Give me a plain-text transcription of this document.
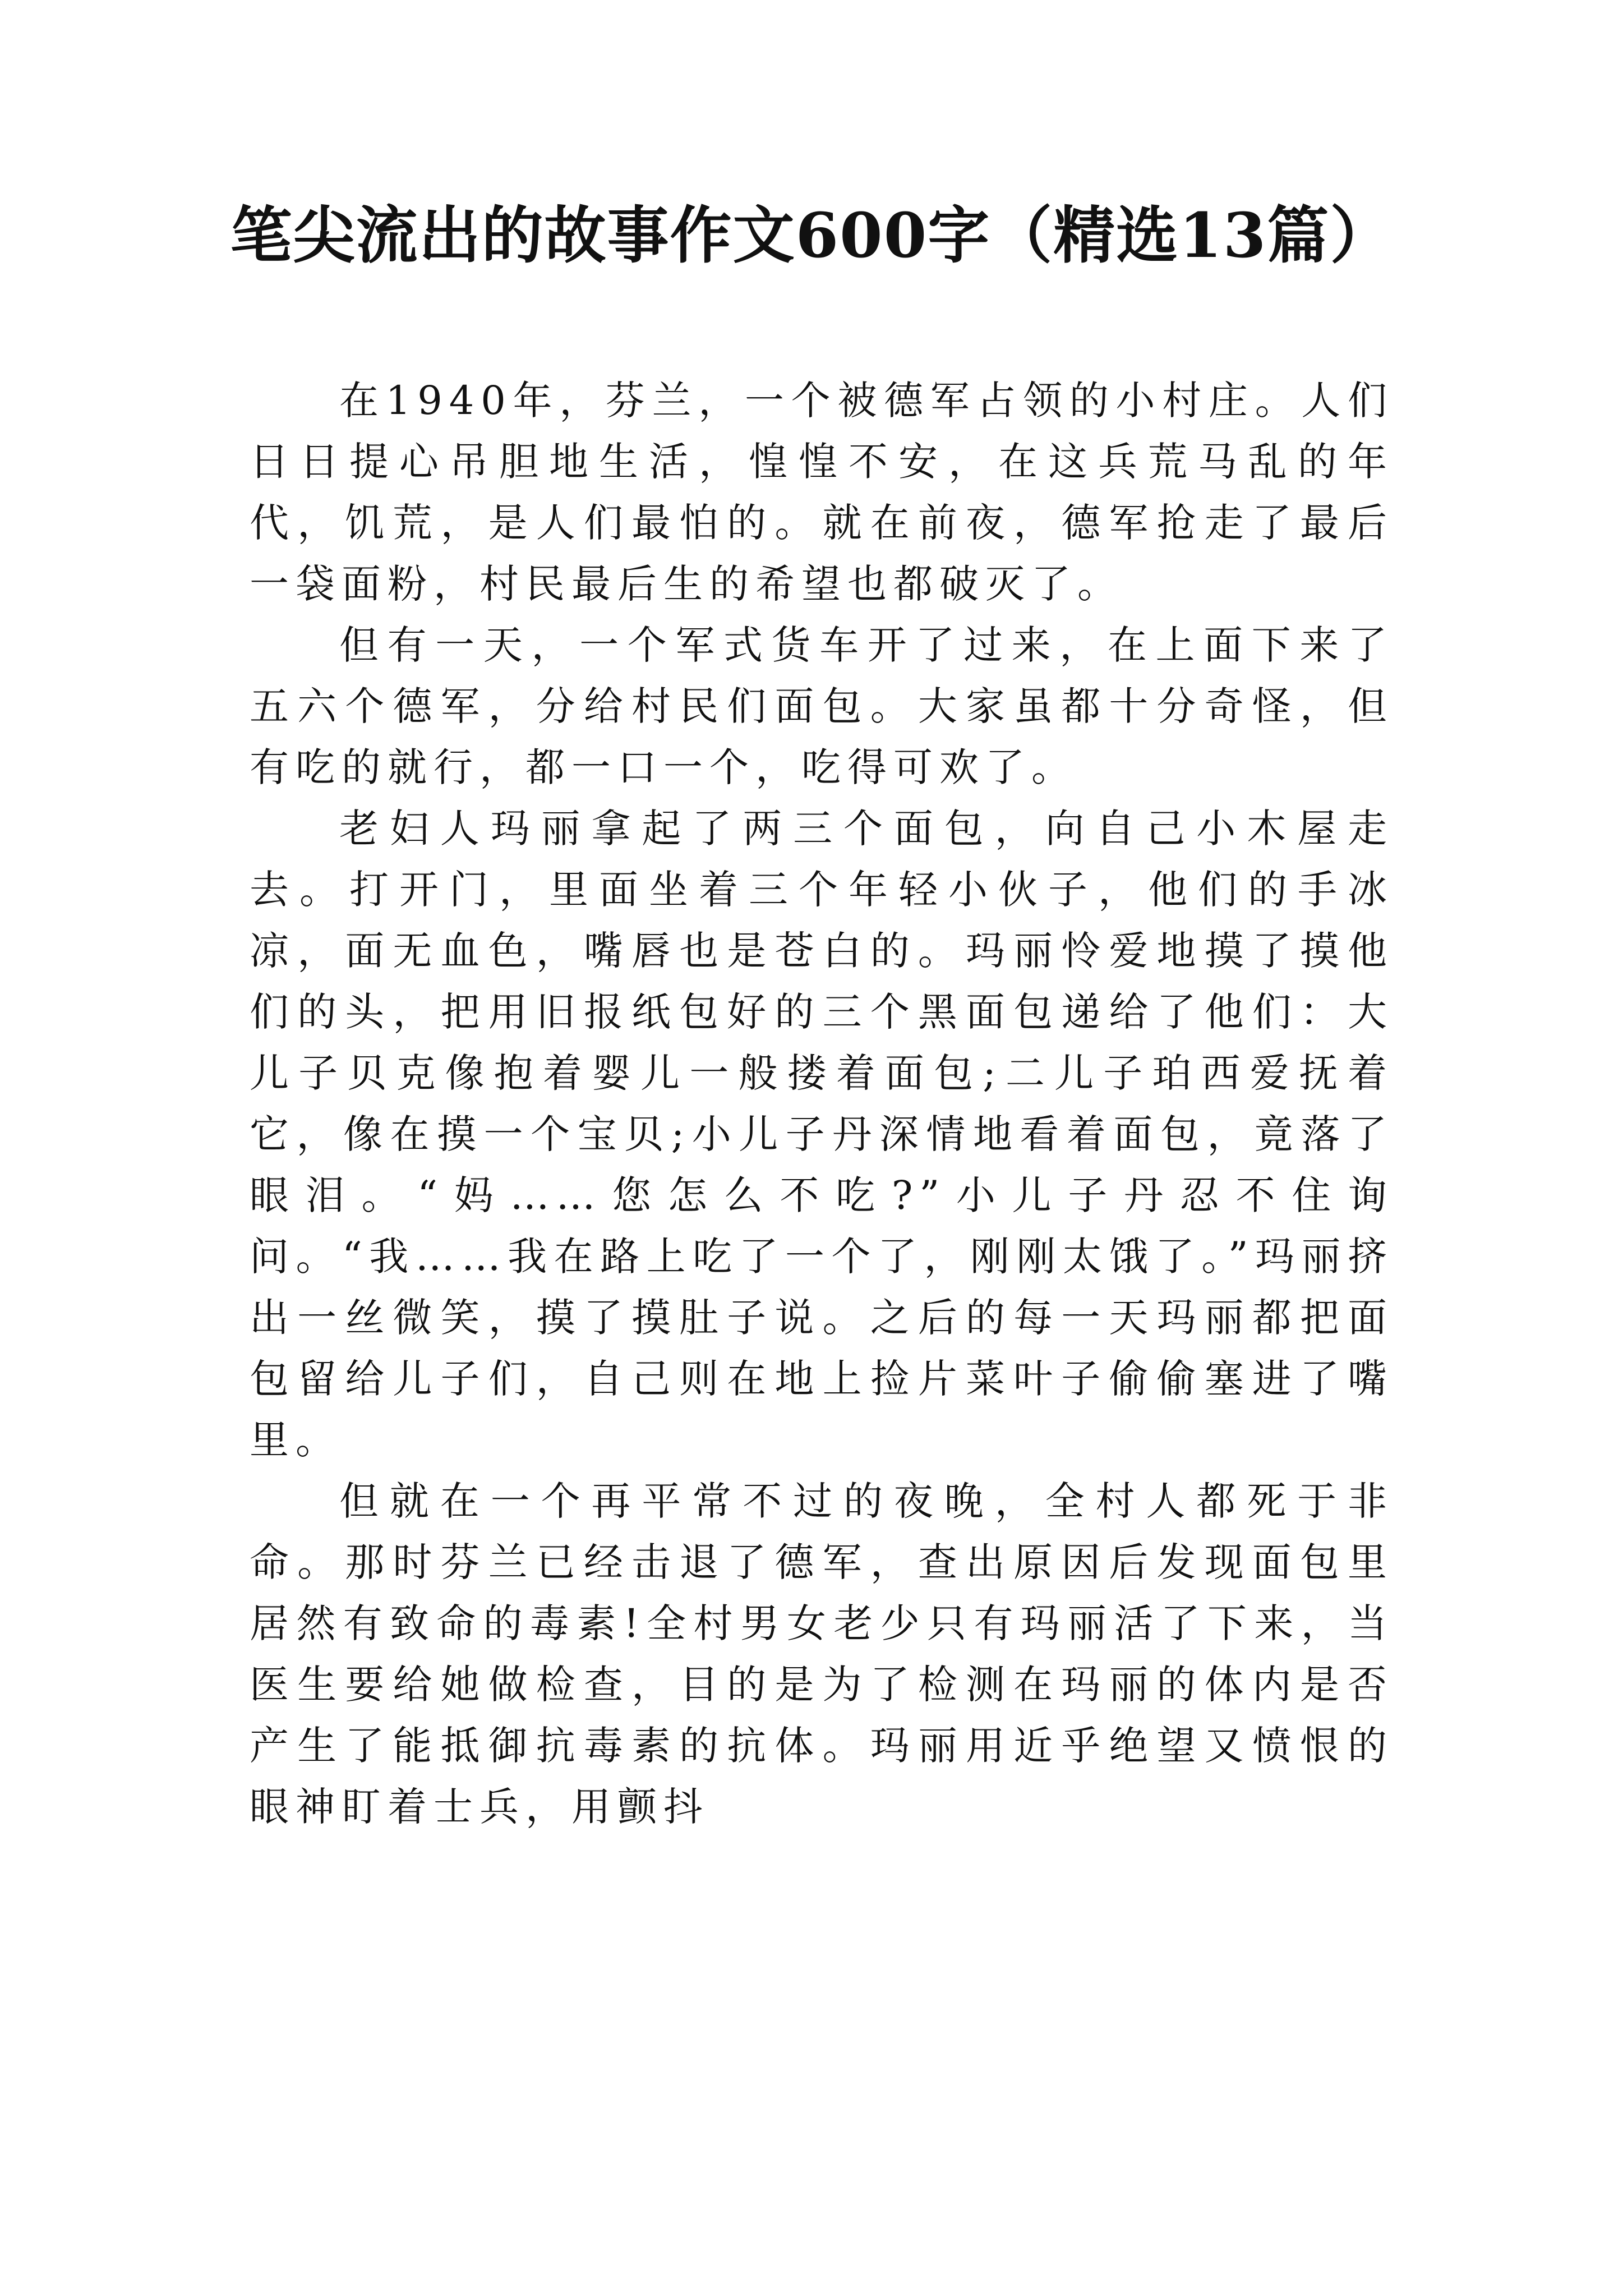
笔尖流出的故事作文600字（精选13篇）

在1940年，芬兰，一个被德军占领的小村庄。人们日日提心吊胆地生活，惶惶不安，在这兵荒马乱的年代，饥荒，是人们最怕的。就在前夜，德军抢走了最后一袋面粉，村民最后生的希望也都破灭了。

但有一天，一个军式货车开了过来，在上面下来了五六个德军，分给村民们面包。大家虽都十分奇怪，但有吃的就行，都一口一个，吃得可欢了。

老妇人玛丽拿起了两三个面包，向自己小木屋走去。打开门，里面坐着三个年轻小伙子，他们的手冰凉，面无血色，嘴唇也是苍白的。玛丽怜爱地摸了摸他们的头，把用旧报纸包好的三个黑面包递给了他们：大儿子贝克像抱着婴儿一般搂着面包;二儿子珀西爱抚着它，像在摸一个宝贝;小儿子丹深情地看着面包，竟落了眼泪。“妈……您怎么不吃?”小儿子丹忍不住询问。“我……我在路上吃了一个了，刚刚太饿了。”玛丽挤出一丝微笑，摸了摸肚子说。之后的每一天玛丽都把面包留给儿子们，自己则在地上捡片菜叶子偷偷塞进了嘴里。

但就在一个再平常不过的夜晚，全村人都死于非命。那时芬兰已经击退了德军，查出原因后发现面包里居然有致命的毒素!全村男女老少只有玛丽活了下来，当医生要给她做检查，目的是为了检测在玛丽的体内是否产生了能抵御抗毒素的抗体。玛丽用近乎绝望又愤恨的眼神盯着士兵，用颤抖
